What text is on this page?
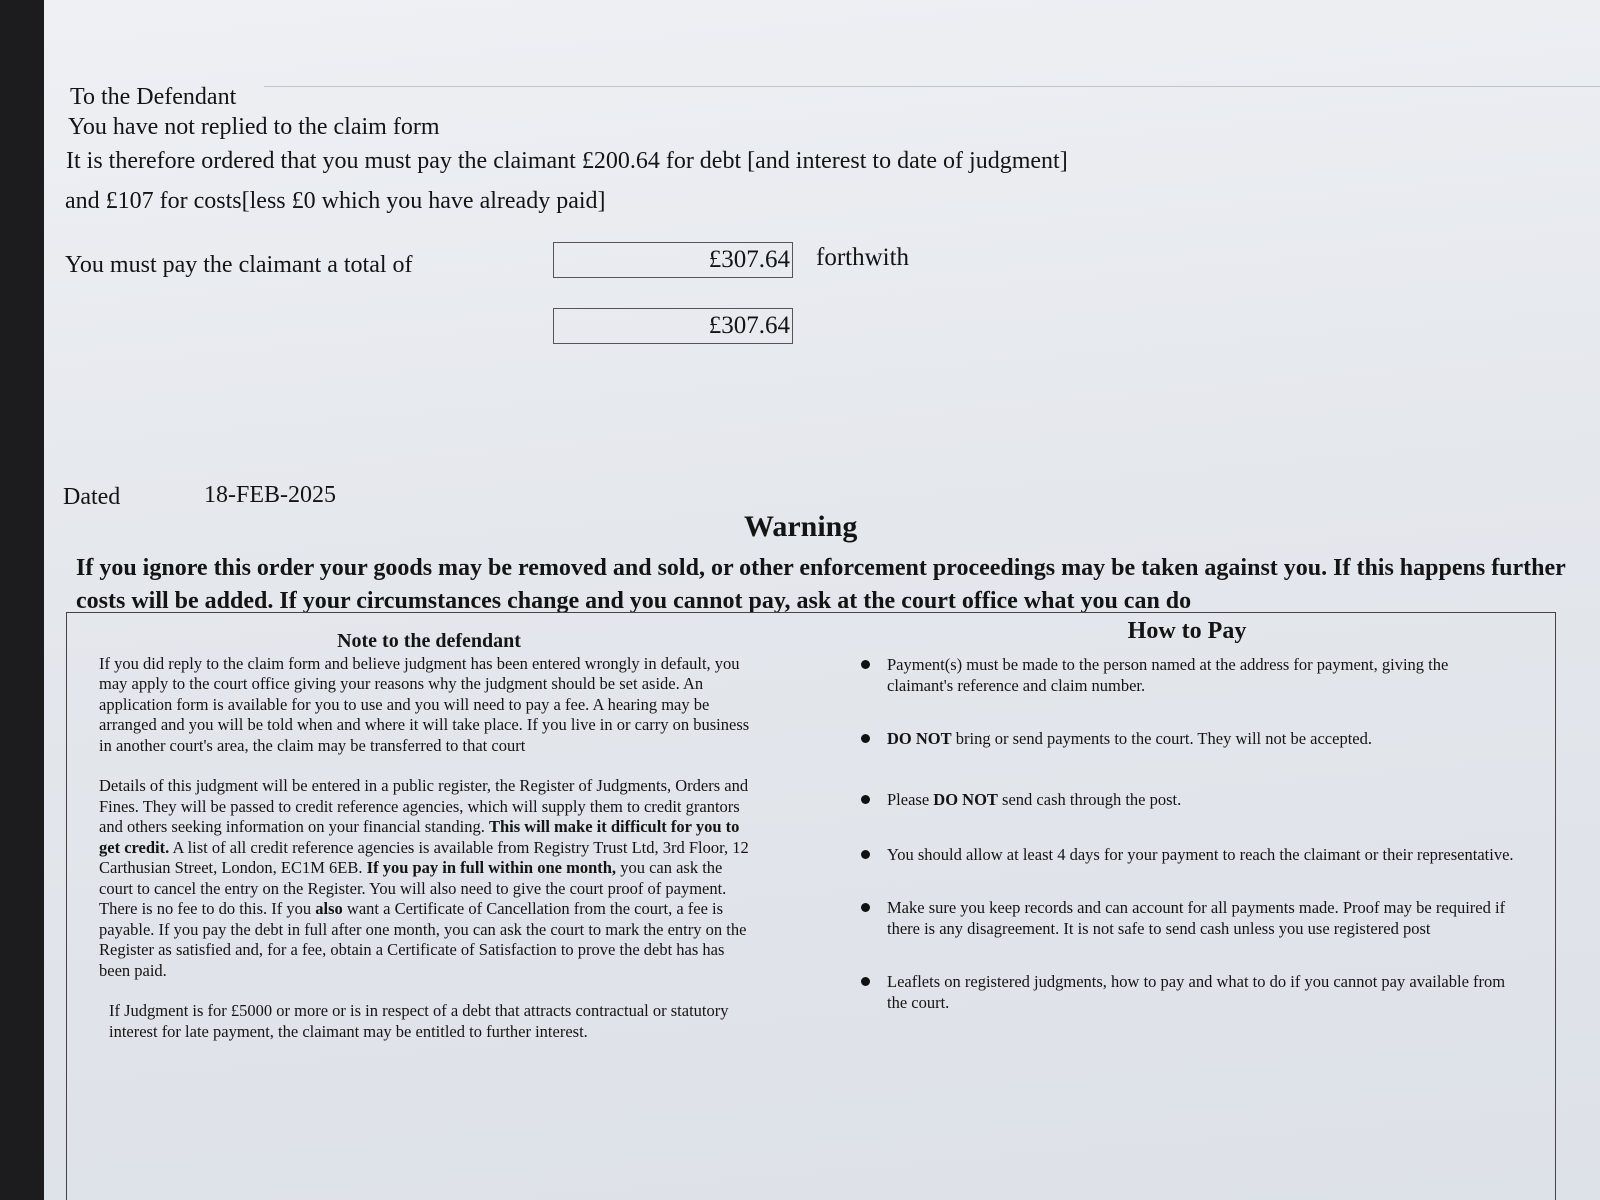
To the Defendant
You have not replied to the claim form
It is therefore ordered that you must pay the claimant £200.64 for debt [and interest to date of judgment]
and £107 for costs[less £0 which you have already paid]
You must pay the claimant a total of	£307.64 forthwith
£307.64
Dated	18-FEB-2025
Warning
If you ignore this order your goods may be removed and sold, or other enforcement proceedings may be taken against you. If this happens further costs will be added. If your circumstances change and you cannot pay, ask at the court office what you can do
Note to the defendant
If you did reply to the claim form and believe judgment has been entered wrongly in default, you may apply to the court office giving your reasons why the judgment should be set aside. An application form is available for you to use and you will need to pay a fee. A hearing may be arranged and you will be told when and where it will take place. If you live in or carry on business in another court's area, the claim may be transferred to that court
Details of this judgment will be entered in a public register, the Register of Judgments, Orders and Fines. They will be passed to credit reference agencies, which will supply them to credit grantors and others seeking information on your financial standing. This will make it difficult for you to get credit. A list of all credit reference agencies is available from Registry Trust Ltd, 3rd Floor, 12 Carthusian Street, London, EC1M 6EB. If you pay in full within one month, you can ask the court to cancel the entry on the Register. You will also need to give the court proof of payment. There is no fee to do this. If you also want a Certificate of Cancellation from the court, a fee is payable. If you pay the debt in full after one month, you can ask the court to mark the entry on the Register as satisfied and, for a fee, obtain a Certificate of Satisfaction to prove the debt has has been paid.
If Judgment is for £5000 or more or is in respect of a debt that attracts contractual or statutory interest for late payment, the claimant may be entitled to further interest.
How to Pay
Payment(s) must be made to the person named at the address for payment, giving the claimant's reference and claim number.
DO NOT bring or send payments to the court. They will not be accepted.
Please DO NOT send cash through the post.
You should allow at least 4 days for your payment to reach the claimant or their representative.
Make sure you keep records and can account for all payments made. Proof may be required if there is any disagreement. It is not safe to send cash unless you use registered post
Leaflets on registered judgments, how to pay and what to do if you cannot pay available from the court.
